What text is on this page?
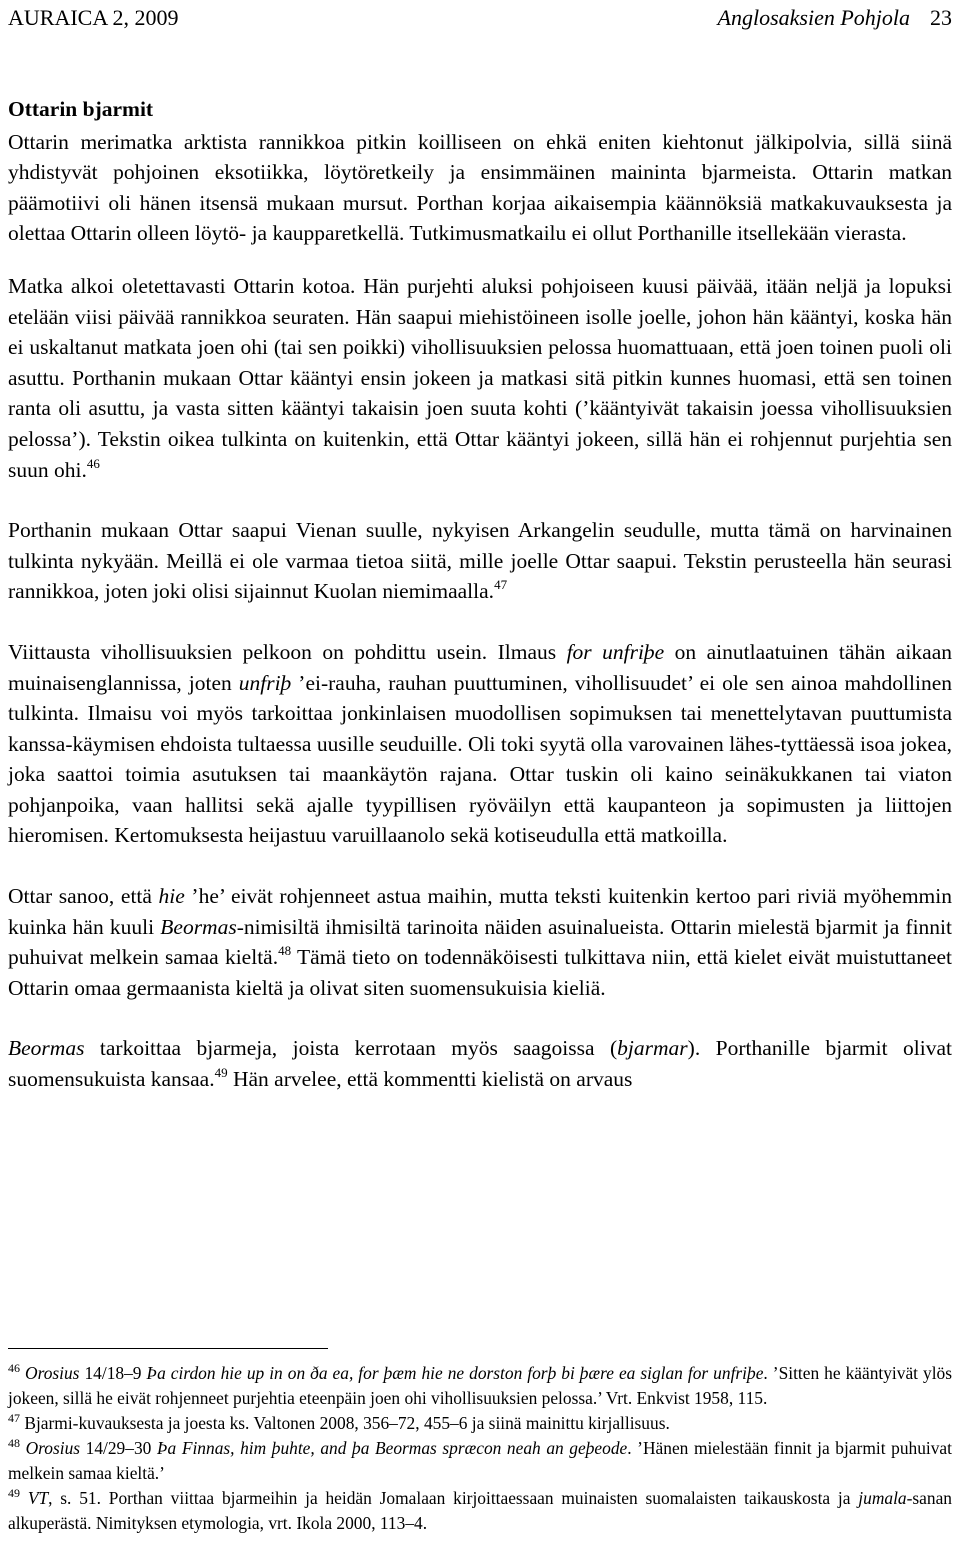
AURAICA 2, 2009	Anglosaksien Pohjola 23
Ottarin bjarmit

Ottarin merimatka arktista rannikkoa pitkin koilliseen on ehkä eniten kiehtonut jälkipolvia, sillä siinä yhdistyvät pohjoinen eksotiikka, löytöretkeily ja ensimmäinen maininta bjarmeista. Ottarin matkan päämotiivi oli hänen itsensä mukaan mursut. Porthan korjaa aikaisempia käännöksiä matkakuvauksesta ja olettaa Ottarin olleen löytö- ja kaupparetkellä. Tutkimusmatkailu ei ollut Porthanille itsellekään vierasta.

Matka alkoi oletettavasti Ottarin kotoa. Hän purjehti aluksi pohjoiseen kuusi päivää, itään neljä ja lopuksi etelään viisi päivää rannikkoa seuraten. Hän saapui miehistöineen isolle joelle, johon hän kääntyi, koska hän ei uskaltanut matkata joen ohi (tai sen poikki) vihollisuuksien pelossa huomattuaan, että joen toinen puoli oli asuttu. Porthanin mukaan Ottar kääntyi ensin jokeen ja matkasi sitä pitkin kunnes huomasi, että sen toinen ranta oli asuttu, ja vasta sitten kääntyi takaisin joen suuta kohti (’kääntyivät takaisin joessa vihollisuuksien pelossa’). Tekstin oikea tulkinta on kuitenkin, että Ottar kääntyi jokeen, sillä hän ei rohjennut purjehtia sen suun ohi.$^{46}$

Porthanin mukaan Ottar saapui Vienan suulle, nykyisen Arkangelin seudulle, mutta tämä on harvinainen tulkinta nykyään. Meillä ei ole varmaa tietoa siitä, mille joelle Ottar saapui. Tekstin perusteella hän seurasi rannikkoa, joten joki olisi sijainnut Kuolan niemimaalla.$^{47}$

Viittausta vihollisuuksien pelkoon on pohdittu usein. Ilmaus for unfriþe on ainutlaatuinen tähän aikaan muinaisenglannissa, joten unfriþ ’ei-rauha, rauhan puuttuminen, vihollisuudet’ ei ole sen ainoa mahdollinen tulkinta. Ilmaisu voi myös tarkoittaa jonkinlaisen muodollisen sopimuksen tai menettelytavan puuttumista kanssa-käymisen ehdoista tultaessa uusille seuduille. Oli toki syytä olla varovainen lähes-tyttäessä isoa jokea, joka saattoi toimia asutuksen tai maankäytön rajana. Ottar tuskin oli kaino seinäkukkanen tai viaton pohjanpoika, vaan hallitsi sekä ajalle tyypillisen ryöväilyn että kaupanteon ja sopimusten ja liittojen hieromisen. Kertomuksesta heijastuu varuillaanolo sekä kotiseudulla että matkoilla.

Ottar sanoo, että hie ’he’ eivät rohjenneet astua maihin, mutta teksti kuitenkin kertoo pari riviä myöhemmin kuinka hän kuuli Beormas-nimisiltä ihmisiltä tarinoita näiden asuinalueista. Ottarin mielestä bjarmit ja finnit puhuivat melkein samaa kieltä.$^{48}$ Tämä tieto on todennäköisesti tulkittava niin, että kielet eivät muistuttaneet Ottarin omaa germaanista kieltä ja olivat siten suomensukuisia kieliä.

Beormas tarkoittaa bjarmeja, joista kerrotaan myös saagoissa (bjarmar). Porthanille bjarmit olivat suomensukuista kansaa.$^{49}$ Hän arvelee, että kommentti kielistä on arvaus

$^{46}$ Orosius 14/18–9 Þa cirdon hie up in on ða ea, for þæm hie ne dorston forþ bi þære ea siglan for unfriþe. ’Sitten he kääntyivät ylös jokeen, sillä he eivät rohjenneet purjehtia eteenpäin joen ohi vihollisuuksien pelossa.’ Vrt. Enkvist 1958, 115.

$^{47}$ Bjarmi-kuvauksesta ja joesta ks. Valtonen 2008, 356–72, 455–6 ja siinä mainittu kirjallisuus.

$^{48}$ Orosius 14/29–30 Þa Finnas, him þuhte, and þa Beormas spræcon neah an geþeode. ’Hänen mielestään finnit ja bjarmit puhuivat melkein samaa kieltä.’

$^{49}$ VT, s. 51. Porthan viittaa bjarmeihin ja heidän Jomalaan kirjoittaessaan muinaisten suomalaisten taikauskosta ja jumala-sanan alkuperästä. Nimityksen etymologia, vrt. Ikola 2000, 113–4.
